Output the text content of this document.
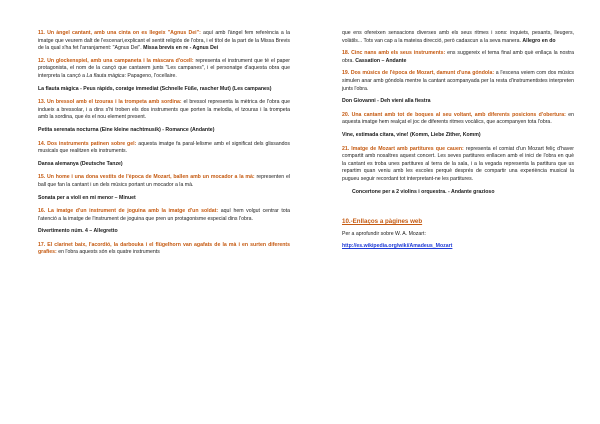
11. Un àngel cantant, amb una cinta on es llegeix "Agnus Dei": aquí amb l'àngel fem referència a la imatge que veurem dalt de l'escenari,explicant el sentit religiós de l'obra, i el títol de la part de la Missa Brevis de la qual s'ha fet l'arranjament: "Agnus Dei". Missa brevis en re - Agnus Dei

12. Un glockenspiel, amb una campaneta i la màscara d'ocell: representa el instrument que té el paper protagonista, el nom de la cançó que cantarem junts "Les campanes", i el personatge d'aquesta obra que interpreta la cançó a La flauta màgica: Papageno, l'ocellaire.

La flauta màgica - Peus ràpids, coratge immediat (Schnelle Füße, rascher Mut) (Les campanes)

13. Un bressol amb el tzouras i la trompeta amb sordina: el bressol representa la mètrica de l'obra que indueix a bressolar, i a dins s'hi troben els dos instruments que porten la melodia, el tzouras i la trompeta amb la sordina, que és el nou element present.

Petita serenata nocturna (Eine kleine nachtmusik) - Romance (Andante)

14. Dos instruments patinen sobre gel: aquesta imatge fa paral·lelisme amb el significat dels glissandos musicals que realitzen els instruments.

Dansa alemanya (Deutsche Tanze)

15. Un home i una dona vestits de l'època de Mozart, ballen amb un mocador a la mà: representen el ball que fan la cantant i un dels músics portant un mocador a la mà.

Sonata per a violí en mi menor – Minuet

16. La imatge d'un instrument de joguina amb la imatge d'un soldat: aquí hem volgut centrar tota l'atenció a la imatge de l'instrument de joguina que pren un protagonisme especial dins l'obra.

Divertimento núm. 4 – Allegretto

17. El clarinet baix, l'acordió, la darbouka i el flügelhorn van agafats de la mà i en surten diferents grafies: en l'obra aquests són els quatre instruments

que ens ofereixen sensacions diverses amb els seus ritmes i sons: inquiets, pesants, lleugers, volàtils... Tots van cap a la mateixa direcció, però cadascun a la seva manera. Allegro en do

18. Cinc nans amb els seus instruments: ens suggereix el tema final amb què enllaça la nostra obra. Cassation – Andante

19. Dos músics de l'època de Mozart, damunt d'una góndola: a l'escena veiem com dos músics simulen anar amb góndola mentre la cantant acompanyada per la resta d'instrumentistes interpreten junts l'obra.

Don Giovanni - Deh vieni alla fiestra

20. Una cantant amb tot de boques al seu voltant, amb diferents posicions d'obertura: en aquesta imatge hem realçat el joc de diferents ritmes vocàlics, que acompanyen tota l'obra.

Vine, estimada cítara, vine! (Komm, Liebe Zither, Komm)

21. Imatge de Mozart amb partitures que cauen: representa el comiat d'un Mozart feliç d'haver compartit amb nosaltres aquest concert. Les seves partitures enllacen amb el inici de l'obra en què la cantant es troba unes partitures al terra de la sala, i a la vegada representa la partitura que us repartim quan veniu amb les escoles perquè després de compartir una experiència musical la pugueu seguir recordant tot interpretant-ne les partitures.

Concertone per a 2 violins i orquestra. - Andante grazioso

10.-Enllaços a pàgines web

Per a aprofundir sobre W. A. Mozart:

http://es.wikipedia.org/wiki/Amadeus_Mozart
